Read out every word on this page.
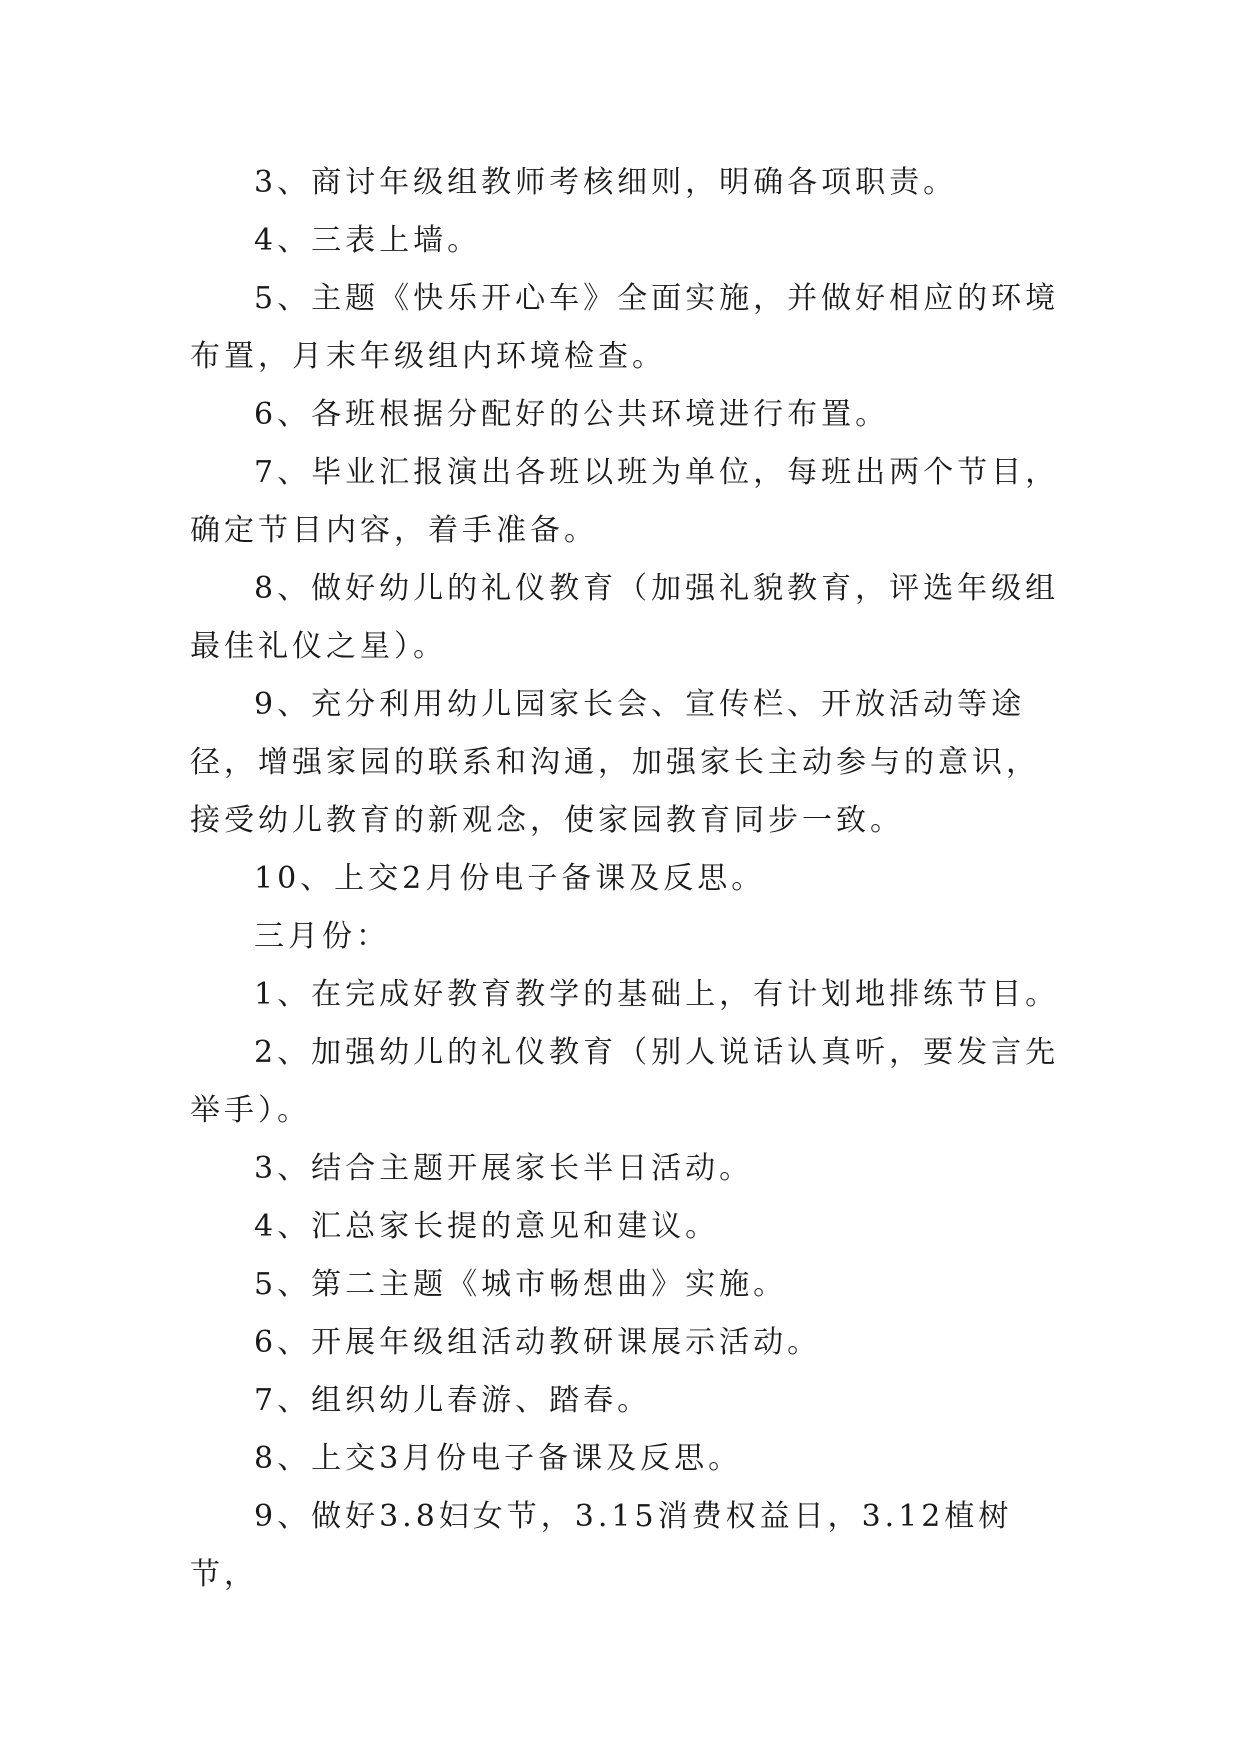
3、商讨年级组教师考核细则，明确各项职责。

4、三表上墙。

5、主题《快乐开心车》全面实施，并做好相应的环境布置，月末年级组内环境检查。

6、各班根据分配好的公共环境进行布置。

7、毕业汇报演出各班以班为单位，每班出两个节目，确定节目内容，着手准备。

8、做好幼儿的礼仪教育（加强礼貌教育，评选年级组最佳礼仪之星）。

9、充分利用幼儿园家长会、宣传栏、开放活动等途径，增强家园的联系和沟通，加强家长主动参与的意识，接受幼儿教育的新观念，使家园教育同步一致。

10、上交2月份电子备课及反思。

三月份：

1、在完成好教育教学的基础上，有计划地排练节目。

2、加强幼儿的礼仪教育（别人说话认真听，要发言先举手）。

3、结合主题开展家长半日活动。

4、汇总家长提的意见和建议。

5、第二主题《城市畅想曲》实施。

6、开展年级组活动教研课展示活动。

7、组织幼儿春游、踏春。

8、上交3月份电子备课及反思。

9、做好3.8妇女节，3.15消费权益日，3.12植树节，
